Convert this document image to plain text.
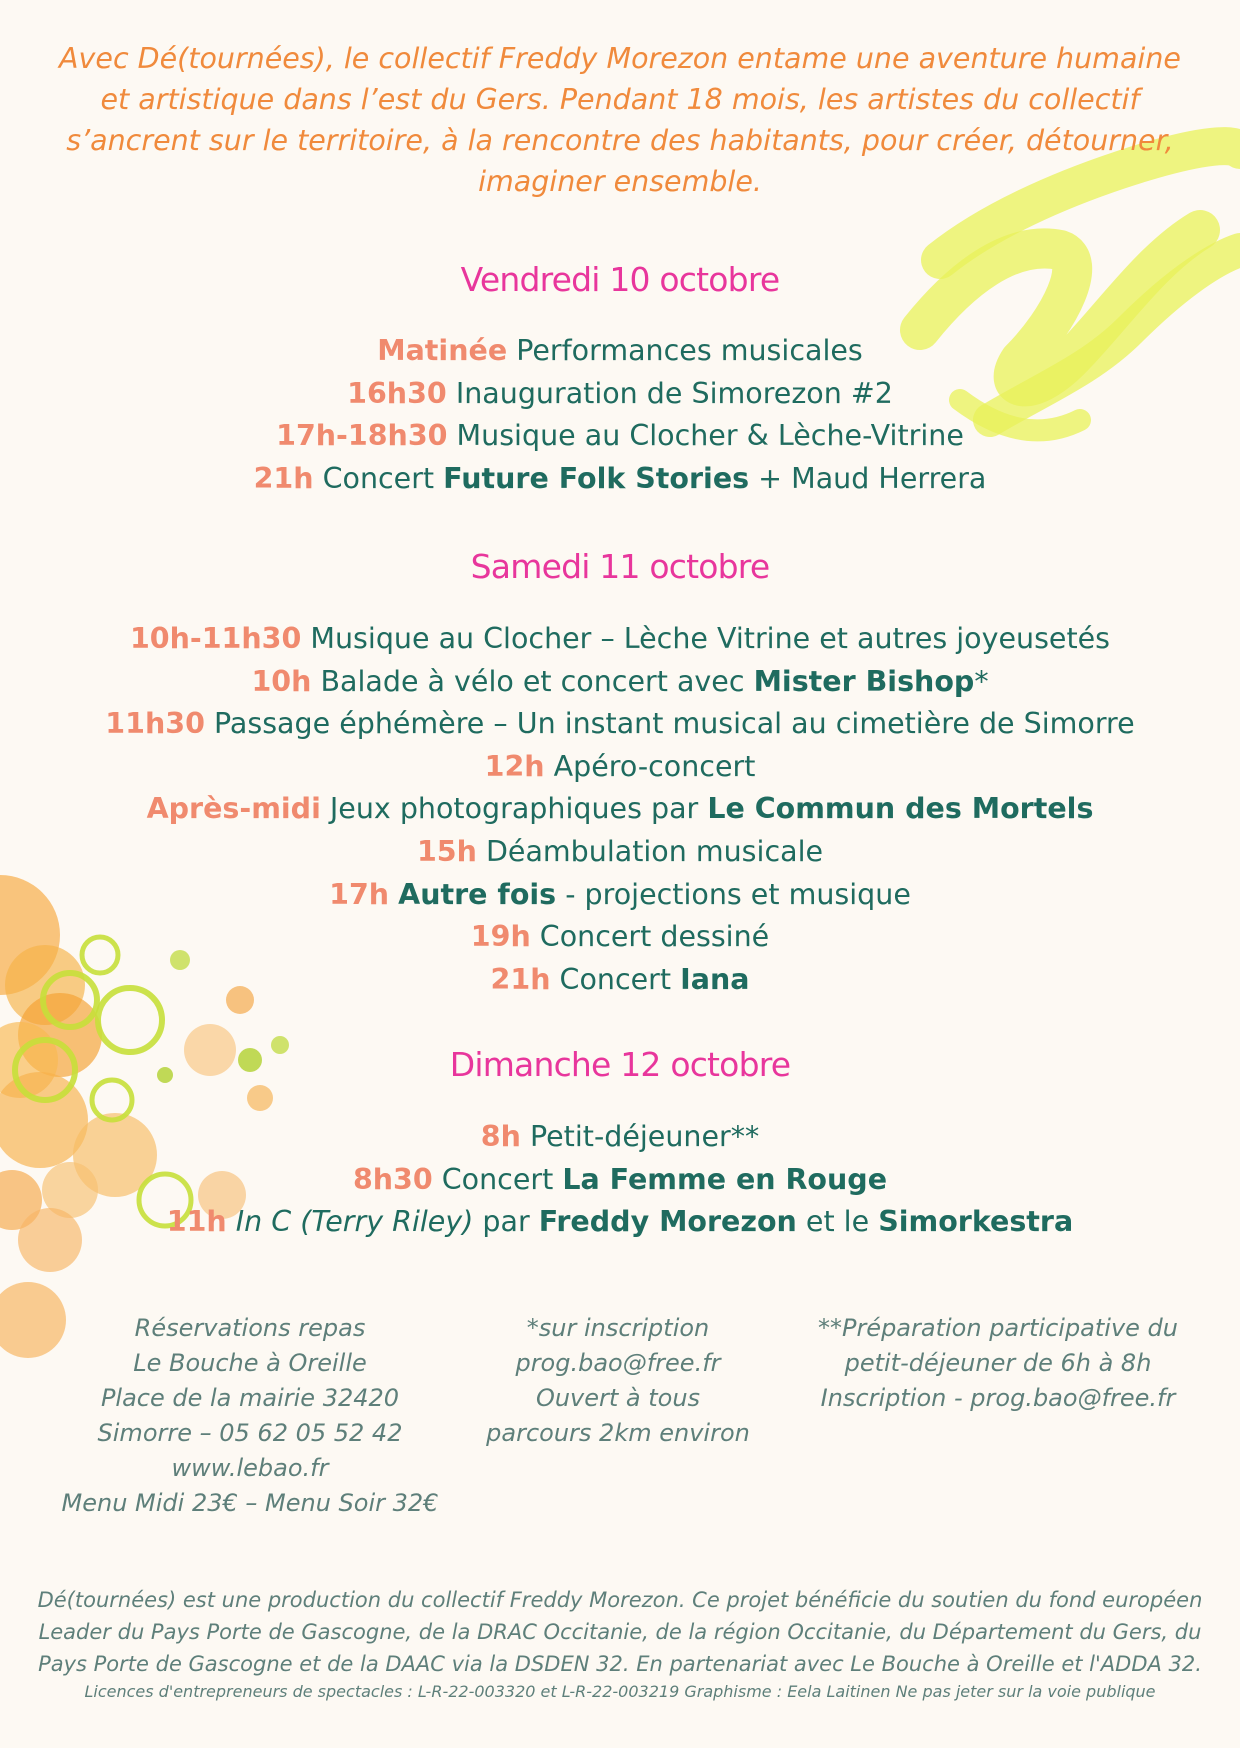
Avec Dé(tournées), le collectif Freddy Morezon entame une aventure humaine
et artistique dans l’est du Gers. Pendant 18 mois, les artistes du collectif
s’ancrent sur le territoire, à la rencontre des habitants, pour créer, détourner,
imaginer ensemble.
Vendredi 10 octobre
Matinée Performances musicales
16h30 Inauguration de Simorezon #2
17h-18h30 Musique au Clocher & Lèche-Vitrine
21h Concert Future Folk Stories + Maud Herrera
Samedi 11 octobre
10h-11h30 Musique au Clocher – Lèche Vitrine et autres joyeusetés
10h Balade à vélo et concert avec Mister Bishop*
11h30 Passage éphémère – Un instant musical au cimetière de Simorre
12h Apéro-concert
Après-midi Jeux photographiques par Le Commun des Mortels
15h Déambulation musicale
17h Autre fois - projections et musique
19h Concert dessiné
21h Concert Iana
Dimanche 12 octobre
8h Petit-déjeuner**
8h30 Concert La Femme en Rouge
11h In C (Terry Riley) par Freddy Morezon et le Simorkestra
Réservations repas
Le Bouche à Oreille
Place de la mairie 32420
Simorre – 05 62 05 52 42
www.lebao.fr
Menu Midi 23€ – Menu Soir 32€
*sur inscription
prog.bao@free.fr
Ouvert à tous
parcours 2km environ
**Préparation participative du
petit-déjeuner de 6h à 8h
Inscription - prog.bao@free.fr
Dé(tournées) est une production du collectif Freddy Morezon. Ce projet bénéficie du soutien du fond européen
Leader du Pays Porte de Gascogne, de la DRAC Occitanie, de la région Occitanie, du Département du Gers, du
Pays Porte de Gascogne et de la DAAC via la DSDEN 32. En partenariat avec Le Bouche à Oreille et l'ADDA 32.
Licences d'entrepreneurs de spectacles : L-R-22-003320 et L-R-22-003219 Graphisme : Eela Laitinen Ne pas jeter sur la voie publique
